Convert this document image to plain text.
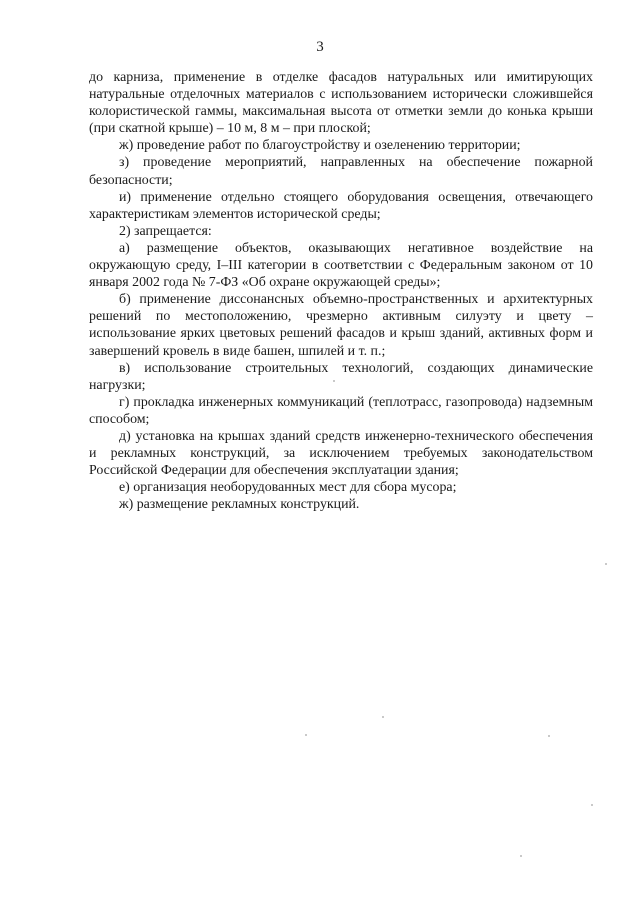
3

до карниза, применение в отделке фасадов натуральных или имитирующих натуральные отделочных материалов с использованием исторически сложившейся колористической гаммы, максимальная высота от отметки земли до конька крыши (при скатной крыше) – 10 м, 8 м – при плоской;

ж) проведение работ по благоустройству и озеленению территории;

з) проведение мероприятий, направленных на обеспечение пожарной безопасности;

и) применение отдельно стоящего оборудования освещения, отвечающего характеристикам элементов исторической среды;

2) запрещается:

а) размещение объектов, оказывающих негативное воздействие на окружающую среду, I–III категории в соответствии с Федеральным законом от 10 января 2002 года № 7-ФЗ «Об охране окружающей среды»;

б) применение диссонансных объемно-пространственных и архитектурных решений по местоположению, чрезмерно активным силуэту и цвету – использование ярких цветовых решений фасадов и крыш зданий, активных форм и завершений кровель в виде башен, шпилей и т. п.;

в) использование строительных технологий, создающих динамические нагрузки;

г) прокладка инженерных коммуникаций (теплотрасс, газопровода) надземным способом;

д) установка на крышах зданий средств инженерно-технического обеспечения и рекламных конструкций, за исключением требуемых законодательством Российской Федерации для обеспечения эксплуатации здания;

е) организация необорудованных мест для сбора мусора;

ж) размещение рекламных конструкций.
